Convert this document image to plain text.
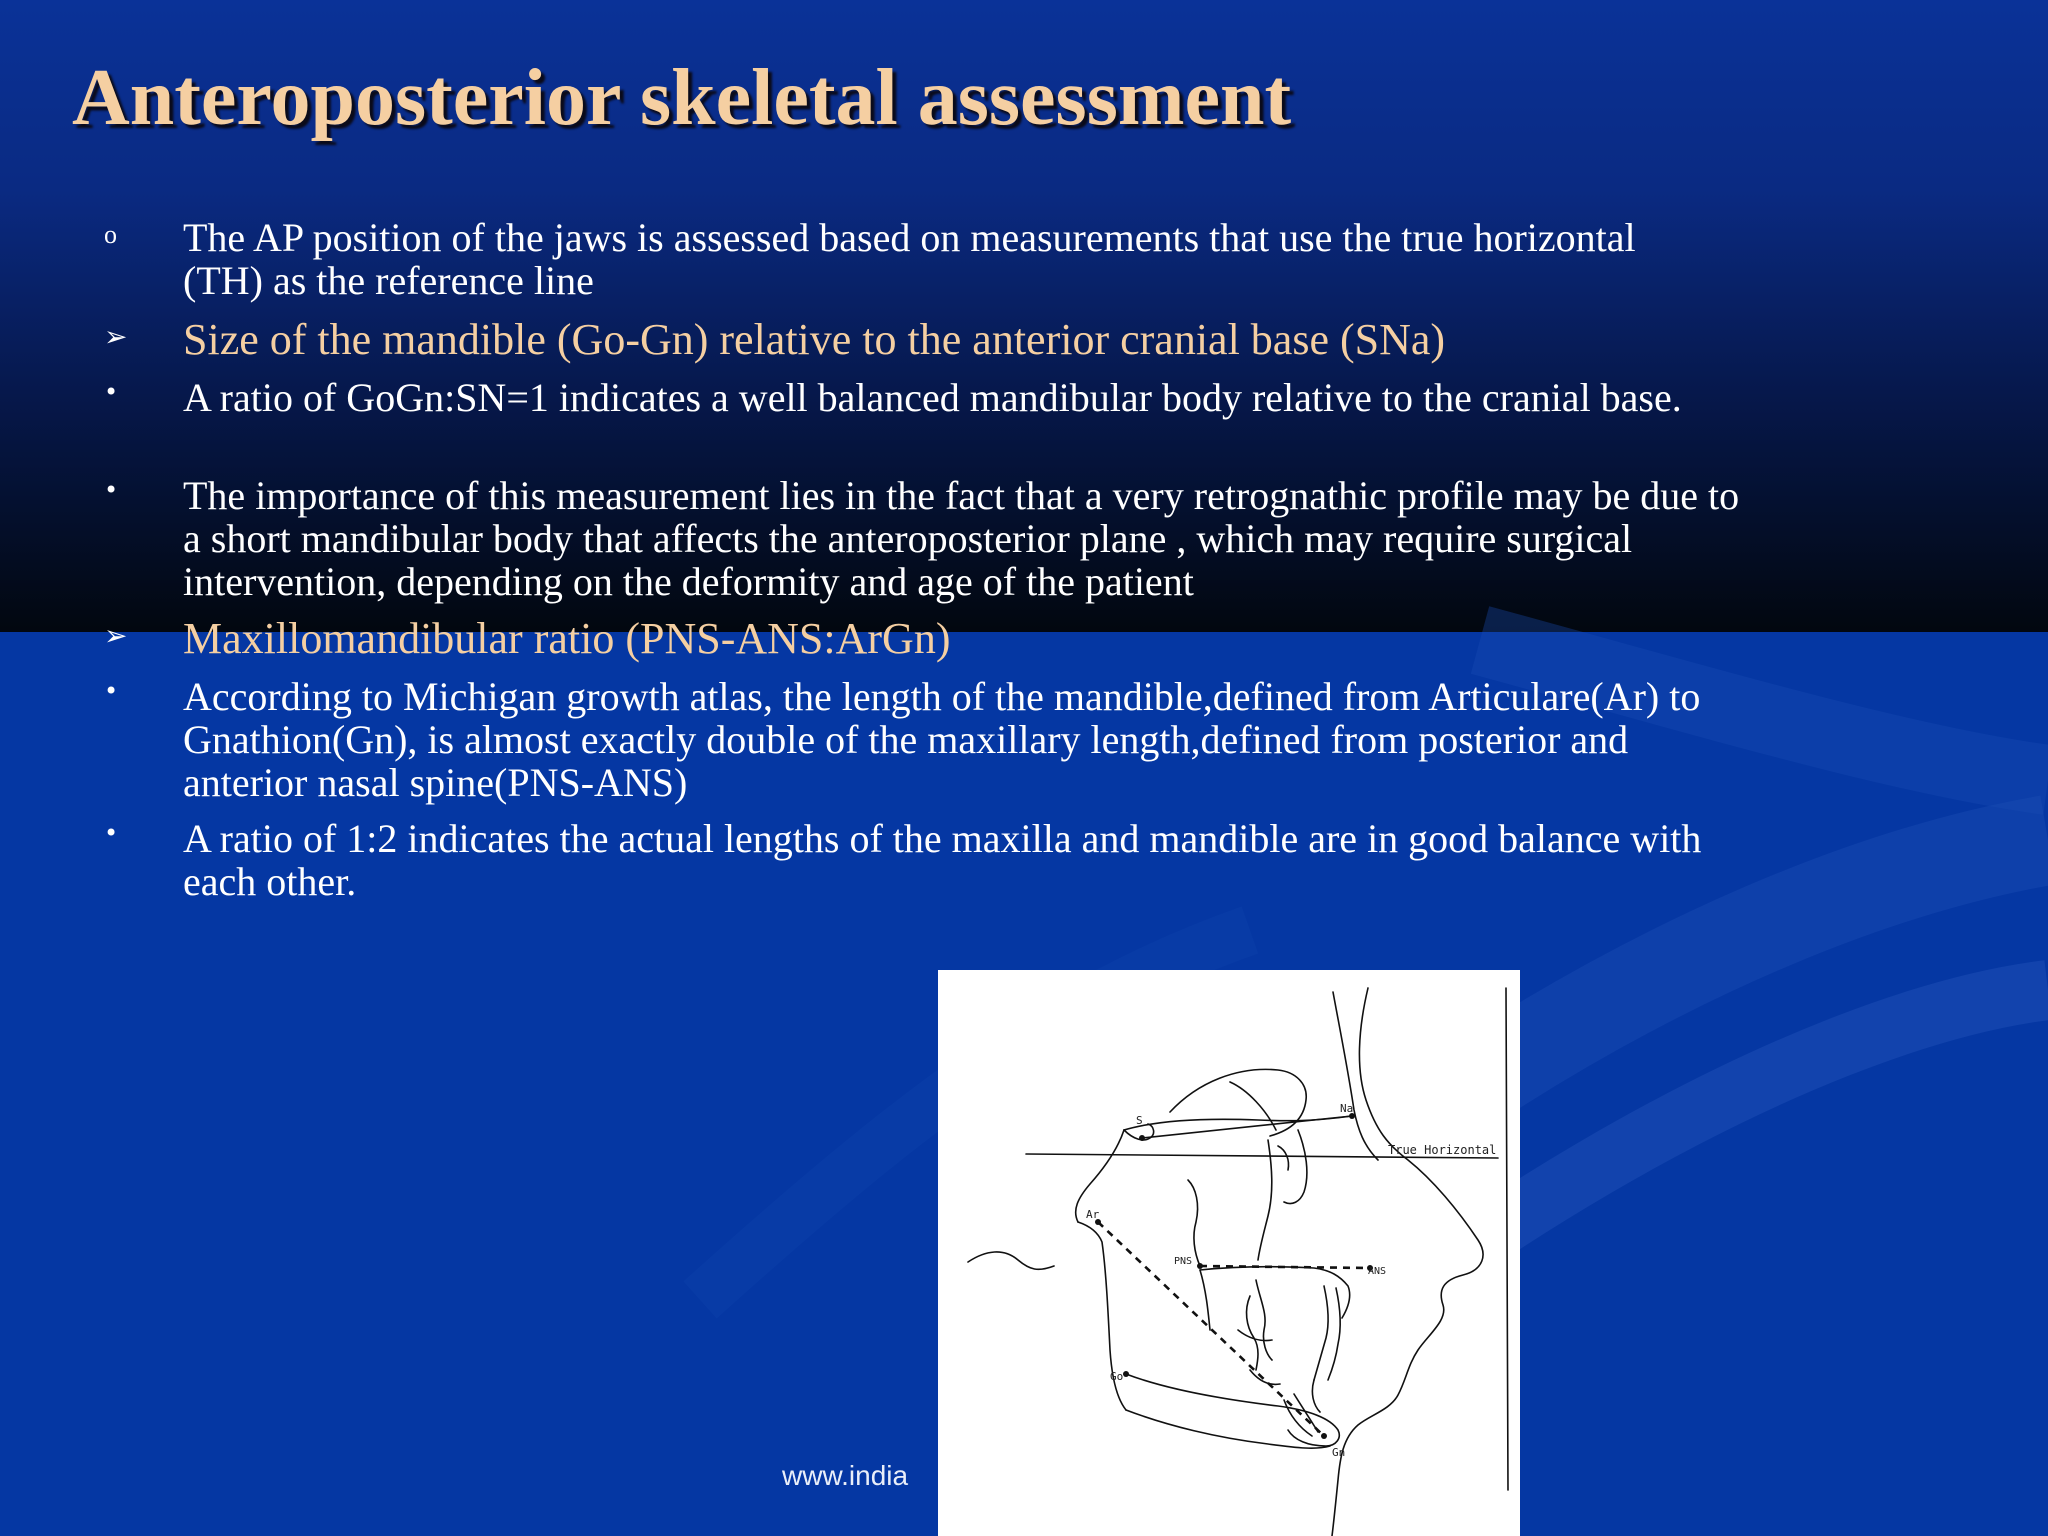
Anteroposterior skeletal assessment
o The AP position of the jaws is assessed based on measurements that use the true horizontal (TH) as the reference line
➢ Size of the mandible (Go-Gn) relative to the anterior cranial base (SNa)
• A ratio of GoGn:SN=1 indicates a well balanced mandibular body relative to the cranial base.
• The importance of this measurement lies in the fact that a very retrognathic profile may be due to a short mandibular body that affects the anteroposterior plane , which may require surgical intervention, depending on the deformity and age of the patient
➢ Maxillomandibular ratio (PNS-ANS:ArGn)
• According to Michigan growth atlas, the length of the mandible,defined from Articulare(Ar) to Gnathion(Gn), is almost exactly double of the maxillary length,defined from posterior and anterior nasal spine(PNS-ANS)
• A ratio of 1:2 indicates the actual lengths of the maxilla and mandible are in good balance with each other.
S
Na
True Horizontal
Ar
PNS
ANS
Go
Gn
www.india
